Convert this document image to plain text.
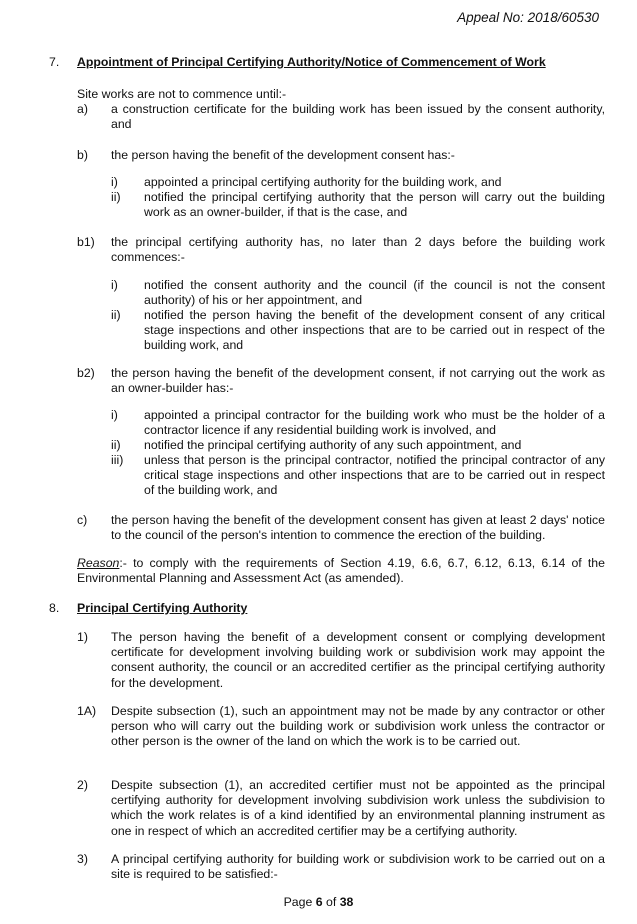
Appeal No: 2018/60530
7. Appointment of Principal Certifying Authority/Notice of Commencement of Work
Site works are not to commence until:-
a) a construction certificate for the building work has been issued by the consent authority, and
b) the person having the benefit of the development consent has:-
i) appointed a principal certifying authority for the building work, and
ii) notified the principal certifying authority that the person will carry out the building work as an owner-builder, if that is the case, and
b1) the principal certifying authority has, no later than 2 days before the building work commences:-
i) notified the consent authority and the council (if the council is not the consent authority) of his or her appointment, and
ii) notified the person having the benefit of the development consent of any critical stage inspections and other inspections that are to be carried out in respect of the building work, and
b2) the person having the benefit of the development consent, if not carrying out the work as an owner-builder has:-
i) appointed a principal contractor for the building work who must be the holder of a contractor licence if any residential building work is involved, and
ii) notified the principal certifying authority of any such appointment, and
iii) unless that person is the principal contractor, notified the principal contractor of any critical stage inspections and other inspections that are to be carried out in respect of the building work, and
c) the person having the benefit of the development consent has given at least 2 days' notice to the council of the person's intention to commence the erection of the building.
Reason:- to comply with the requirements of Section 4.19, 6.6, 6.7, 6.12, 6.13, 6.14 of the Environmental Planning and Assessment Act (as amended).
8. Principal Certifying Authority
1) The person having the benefit of a development consent or complying development certificate for development involving building work or subdivision work may appoint the consent authority, the council or an accredited certifier as the principal certifying authority for the development.
1A) Despite subsection (1), such an appointment may not be made by any contractor or other person who will carry out the building work or subdivision work unless the contractor or other person is the owner of the land on which the work is to be carried out.
2) Despite subsection (1), an accredited certifier must not be appointed as the principal certifying authority for development involving subdivision work unless the subdivision to which the work relates is of a kind identified by an environmental planning instrument as one in respect of which an accredited certifier may be a certifying authority.
3) A principal certifying authority for building work or subdivision work to be carried out on a site is required to be satisfied:-
Page 6 of 38
